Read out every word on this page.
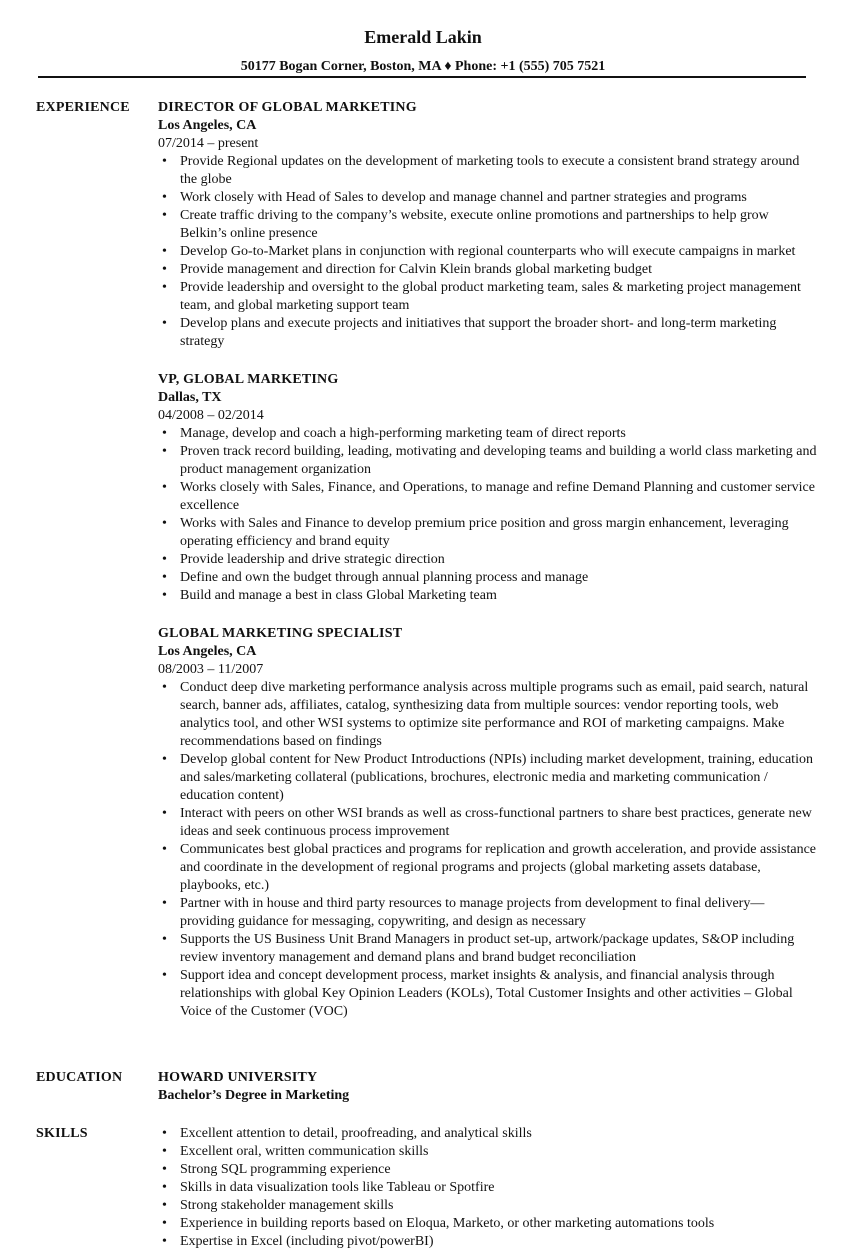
Emerald Lakin
50177 Bogan Corner, Boston, MA ♦ Phone: +1 (555) 705 7521
EXPERIENCE DIRECTOR OF GLOBAL MARKETING
Los Angeles, CA
07/2014 – present
• Provide Regional updates on the development of marketing tools to execute a consistent brand strategy around the globe
• Work closely with Head of Sales to develop and manage channel and partner strategies and programs
• Create traffic driving to the company’s website, execute online promotions and partnerships to help grow Belkin’s online presence
• Develop Go-to-Market plans in conjunction with regional counterparts who will execute campaigns in market
• Provide management and direction for Calvin Klein brands global marketing budget
• Provide leadership and oversight to the global product marketing team, sales & marketing project management team, and global marketing support team
• Develop plans and execute projects and initiatives that support the broader short- and long-term marketing strategy
VP, GLOBAL MARKETING
Dallas, TX
04/2008 – 02/2014
• Manage, develop and coach a high-performing marketing team of direct reports
• Proven track record building, leading, motivating and developing teams and building a world class marketing and product management organization
• Works closely with Sales, Finance, and Operations, to manage and refine Demand Planning and customer service excellence
• Works with Sales and Finance to develop premium price position and gross margin enhancement, leveraging operating efficiency and brand equity
• Provide leadership and drive strategic direction
• Define and own the budget through annual planning process and manage
• Build and manage a best in class Global Marketing team
GLOBAL MARKETING SPECIALIST
Los Angeles, CA
08/2003 – 11/2007
• Conduct deep dive marketing performance analysis across multiple programs such as email, paid search, natural search, banner ads, affiliates, catalog, synthesizing data from multiple sources: vendor reporting tools, web analytics tool, and other WSI systems to optimize site performance and ROI of marketing campaigns. Make recommendations based on findings
• Develop global content for New Product Introductions (NPIs) including market development, training, education and sales/marketing collateral (publications, brochures, electronic media and marketing communication / education content)
• Interact with peers on other WSI brands as well as cross-functional partners to share best practices, generate new ideas and seek continuous process improvement
• Communicates best global practices and programs for replication and growth acceleration, and provide assistance and coordinate in the development of regional programs and projects (global marketing assets database, playbooks, etc.)
• Partner with in house and third party resources to manage projects from development to final delivery—providing guidance for messaging, copywriting, and design as necessary
• Supports the US Business Unit Brand Managers in product set-up, artwork/package updates, S&OP including review inventory management and demand plans and brand budget reconciliation
• Support idea and concept development process, market insights & analysis, and financial analysis through relationships with global Key Opinion Leaders (KOLs), Total Customer Insights and other activities – Global Voice of the Customer (VOC)
EDUCATION	HOWARD UNIVERSITY
Bachelor’s Degree in Marketing
SKILLS	• Excellent attention to detail, proofreading, and analytical skills
• Excellent oral, written communication skills
• Strong SQL programming experience
• Skills in data visualization tools like Tableau or Spotfire
• Strong stakeholder management skills
• Experience in building reports based on Eloqua, Marketo, or other marketing automations tools
• Expertise in Excel (including pivot/powerBI)
